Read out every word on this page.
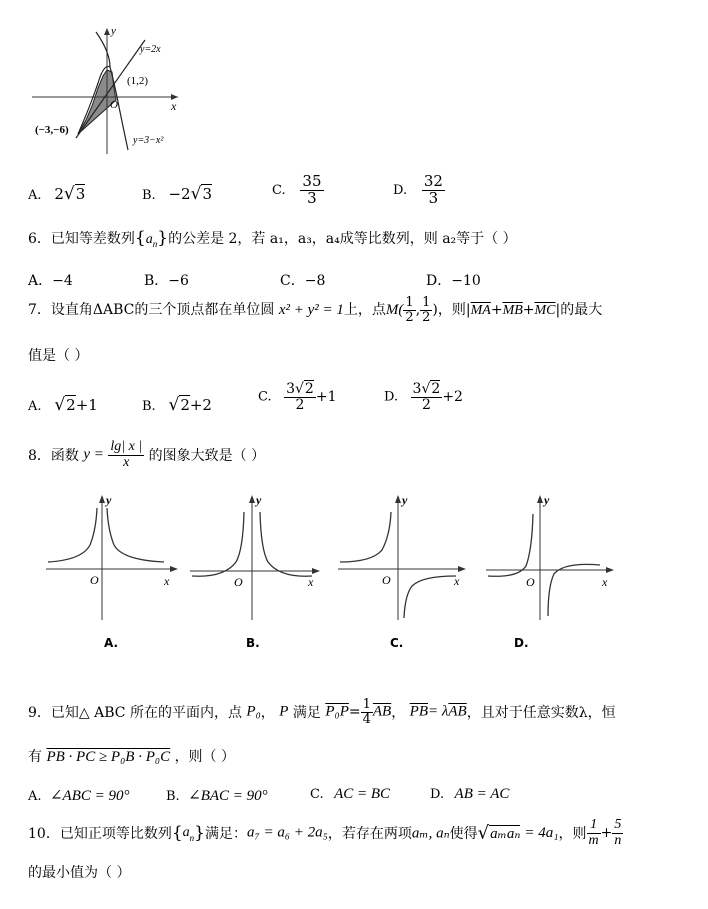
y
x
O
y=2x
y=3−x²
(1,2)
(−3,−6)
A. 2√3	B. −2√3	C. $\frac{35}{3}$	D. $\frac{32}{3}$
6．已知等差数列$\{a_n\}$的公差是 2，若 a₁，a₃，a₄成等比数列，则 a₂等于（ ）
A．−4	B．−6	C．−8	D．−10
7．设直角ΔABC的三个顶点都在单位圆 x² + y² = 1上，点$M( \frac{1}{2}$ , $\frac{1}{2}$ )，则$|\overline{MA}+\overline{MB}+\overline{MC}|$的最大
值是（ ）
A. √2+1	B. √2+2	C. $\frac{3√2}{2} +1$	D. $\frac{3√2}{2} +2$
8．函数 $y = \frac{\lg| x |}{x}$ 的图象大致是（ ）
y
O	x
A.
y
O	x
B.
y
O	x
C.
y
O	x
D.
9．已知△ ABC 所在的平面内，点 P₀， P 满足 $P_0P= \frac{1}{4} \overline{AB}$， $\overline{PB}= \lambda\overline{AB}$，且对于任意实数λ，恒
有 PB · PC ≥ P₀B · P₀C ，则（ ）
A. ∠ABC = 90°	B. ∠BAC = 90°	C. AC = BC	D. AB = AC
10．已知正项等比数列$\{a_n\}$满足：a₇ = a₆ + 2a₅，若存在两项aₘ, aₙ使得√aₘaₙ = 4a₁，则 $\frac{1}{m} + \frac{5}{n}$
的最小值为（ ）
